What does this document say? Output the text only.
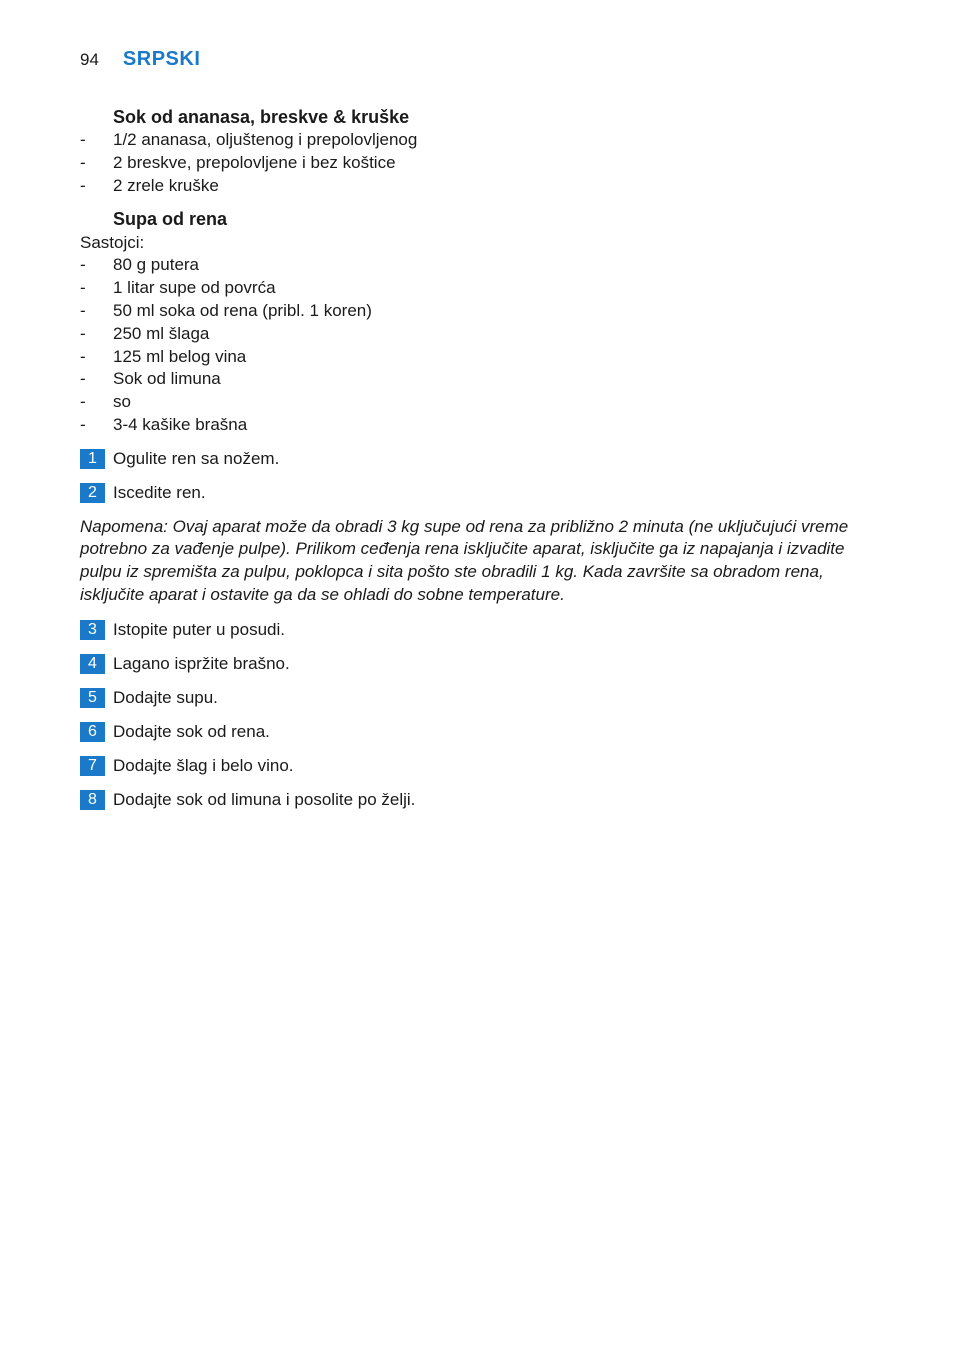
94 SRPSKI
Sok od ananasa, breskve & kruške
- 1/2 ananasa, oljuštenog i prepolovljenog
- 2 breskve, prepolovljene i bez koštice
- 2 zrele kruške
Supa od rena

Sastojci:

- 80 g putera
- 1 litar supe od povrća
- 50 ml soka od rena (pribl. 1 koren)
- 250 ml šlaga
- 125 ml belog vina
- Sok od limuna
- so
- 3-4 kašike brašna
1 Ogulite ren sa nožem.
2 Iscedite ren.

Napomena: Ovaj aparat može da obradi 3 kg supe od rena za približno 2 minuta (ne uključujući vreme potrebno za vađenje pulpe). Prilikom ceđenja rena isključite aparat, isključite ga iz napajanja i izvadite pulpu iz spremišta za pulpu, poklopca i sita pošto ste obradili 1 kg. Kada završite sa obradom rena, isključite aparat i ostavite ga da se ohladi do sobne temperature.

3 Istopite puter u posudi.
4 Lagano ispržite brašno.
5 Dodajte supu.
6 Dodajte sok od rena.
7 Dodajte šlag i belo vino.
8 Dodajte sok od limuna i posolite po želji.
